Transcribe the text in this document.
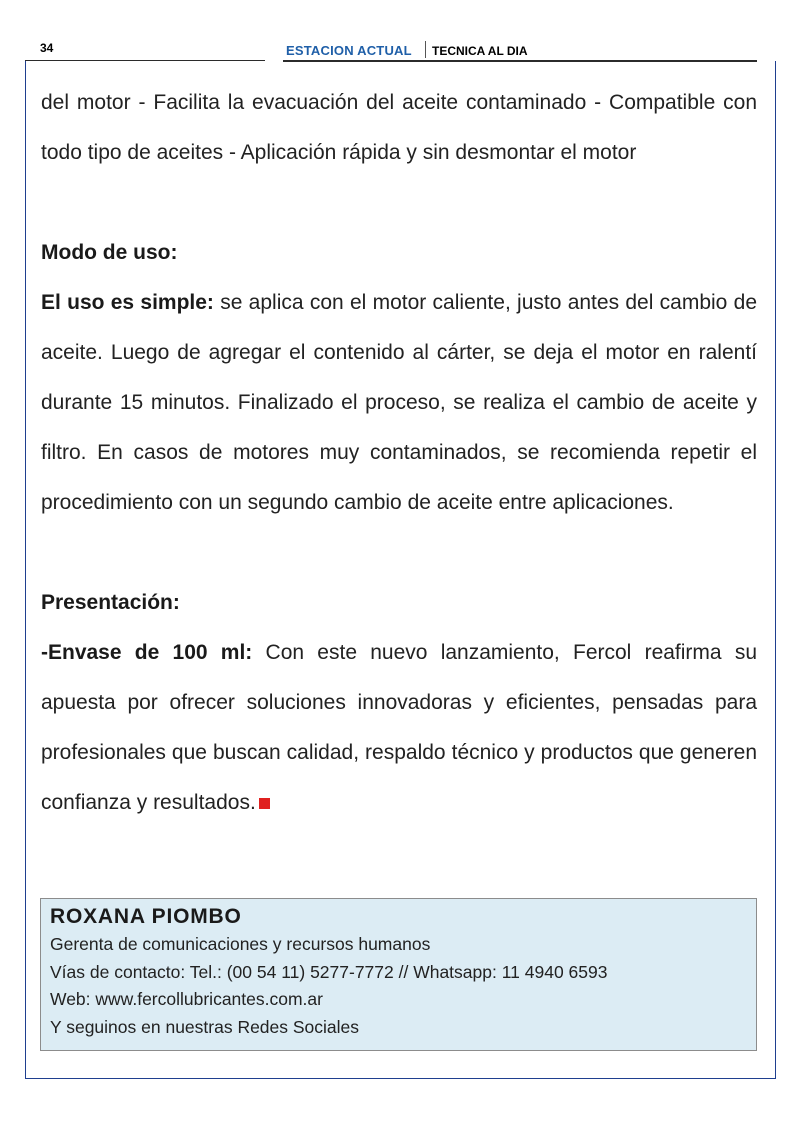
34	ESTACION ACTUAL TECNICA AL DIA

del motor - Facilita la evacuación del aceite contaminado - Compatible con todo tipo de aceites - Aplicación rápida y sin desmontar el motor

Modo de uso:

El uso es simple: se aplica con el motor caliente, justo antes del cambio de aceite. Luego de agregar el contenido al cárter, se deja el motor en ralentí durante 15 minutos. Finalizado el proceso, se realiza el cambio de aceite y filtro. En casos de motores muy contaminados, se recomienda repetir el procedimiento con un segundo cambio de aceite entre aplicaciones.

Presentación:

-Envase de 100 ml: Con este nuevo lanzamiento, Fercol reafirma su apuesta por ofrecer soluciones innovadoras y eficientes, pensadas para profesionales que buscan calidad, respaldo técnico y productos que generen confianza y resultados.

ROXANA PIOMBO
Gerenta de comunicaciones y recursos humanos
Vías de contacto: Tel.: (00 54 11) 5277-7772 // Whatsapp: 11 4940 6593
Web: www.fercollubricantes.com.ar
Y seguinos en nuestras Redes Sociales
